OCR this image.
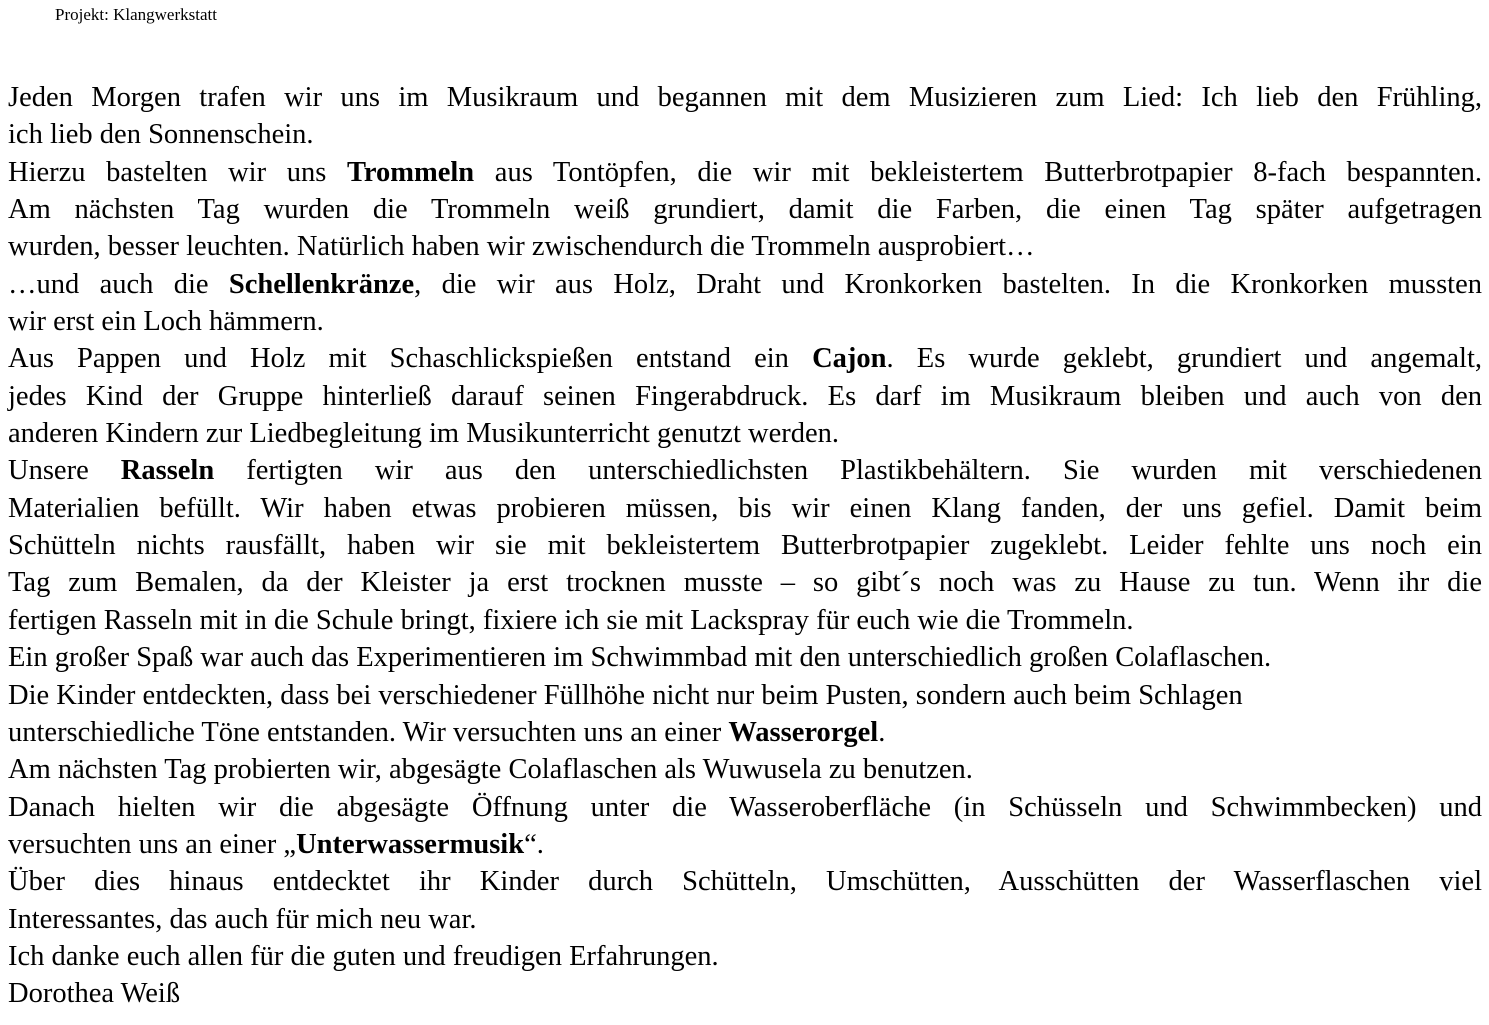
Projekt: Klangwerkstatt
Jeden Morgen trafen wir uns im Musikraum und begannen mit dem Musizieren zum Lied: Ich lieb den Frühling,
ich lieb den Sonnenschein.
Hierzu bastelten wir uns Trommeln aus Tontöpfen, die wir mit bekleistertem Butterbrotpapier 8-fach bespannten.
Am nächsten Tag wurden die Trommeln weiß grundiert, damit die Farben, die einen Tag später aufgetragen
wurden, besser leuchten. Natürlich haben wir zwischendurch die Trommeln ausprobiert…
…und auch die Schellenkränze, die wir aus Holz, Draht und Kronkorken bastelten. In die Kronkorken mussten
wir erst ein Loch hämmern.
Aus Pappen und Holz mit Schaschlickspießen entstand ein Cajon. Es wurde geklebt, grundiert und angemalt,
jedes Kind der Gruppe hinterließ darauf seinen Fingerabdruck. Es darf im Musikraum bleiben und auch von den
anderen Kindern zur Liedbegleitung im Musikunterricht genutzt werden.
Unsere Rasseln fertigten wir aus den unterschiedlichsten Plastikbehältern. Sie wurden mit verschiedenen
Materialien befüllt. Wir haben etwas probieren müssen, bis wir einen Klang fanden, der uns gefiel. Damit beim
Schütteln nichts rausfällt, haben wir sie mit bekleistertem Butterbrotpapier zugeklebt. Leider fehlte uns noch ein
Tag zum Bemalen, da der Kleister ja erst trocknen musste – so gibt´s noch was zu Hause zu tun. Wenn ihr die
fertigen Rasseln mit in die Schule bringt, fixiere ich sie mit Lackspray für euch wie die Trommeln.
Ein großer Spaß war auch das Experimentieren im Schwimmbad mit den unterschiedlich großen Colaflaschen.
Die Kinder entdeckten, dass bei verschiedener Füllhöhe nicht nur beim Pusten, sondern auch beim Schlagen
unterschiedliche Töne entstanden. Wir versuchten uns an einer Wasserorgel.
Am nächsten Tag probierten wir, abgesägte Colaflaschen als Wuwusela zu benutzen.
Danach hielten wir die abgesägte Öffnung unter die Wasseroberfläche (in Schüsseln und Schwimmbecken) und
versuchten uns an einer „Unterwassermusik“.
Über dies hinaus entdecktet ihr Kinder durch Schütteln, Umschütten, Ausschütten der Wasserflaschen viel
Interessantes, das auch für mich neu war.
Ich danke euch allen für die guten und freudigen Erfahrungen.
Dorothea Weiß
